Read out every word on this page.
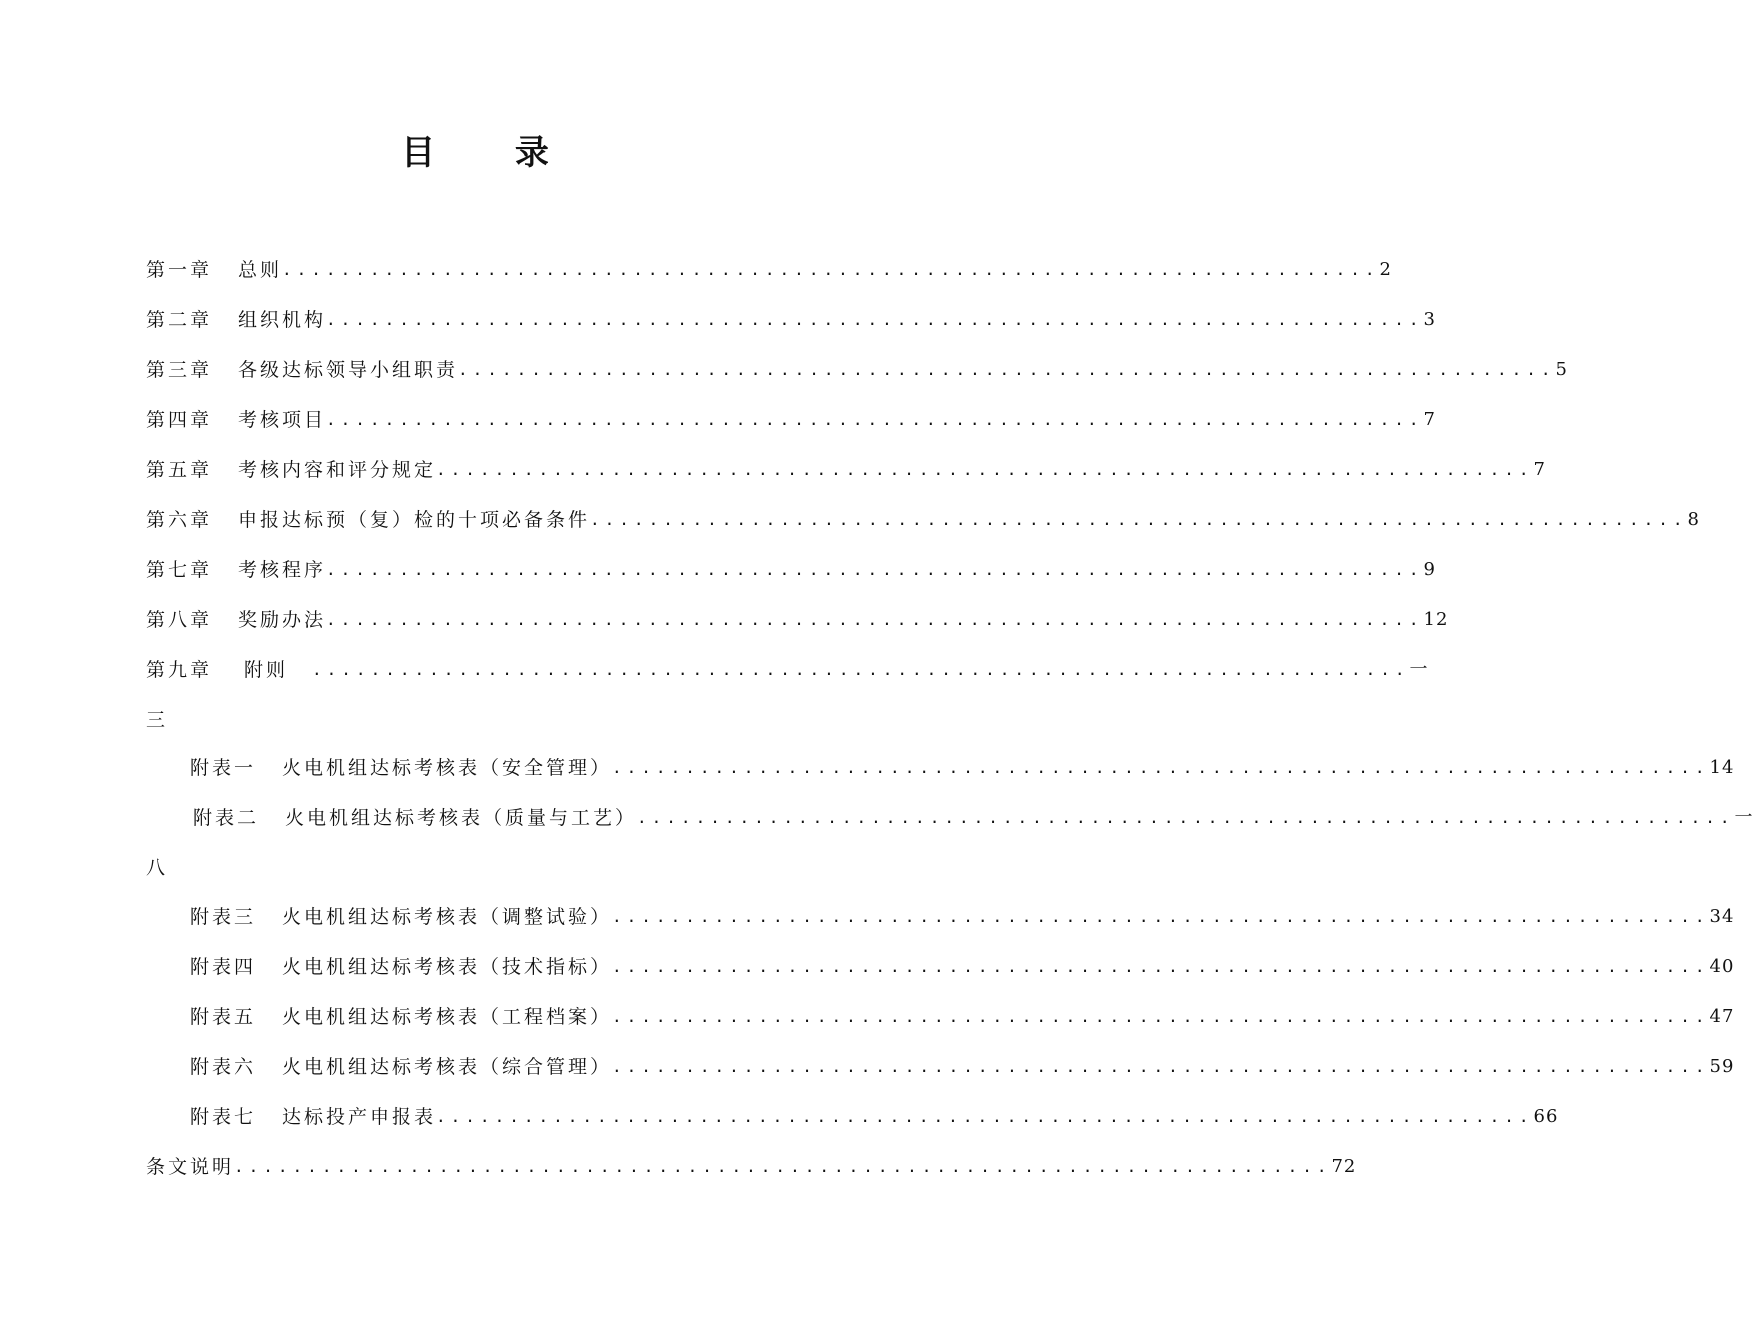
目 录
第一章 总则 ........................................................................... 2
第二章 组织机构 ........................................................................... 3
第三章 各级达标领导小组职责 ........................................................................... 5
第四章 考核项目 ........................................................................... 7
第五章 考核内容和评分规定 ........................................................................... 7
第六章 申报达标预（复）检的十项必备条件 ........................................................................... 8
第七章 考核程序 ........................................................................... 9
第八章 奖励办法 ........................................................................... 12
第九章 附则	........................................................................... 一
三
附表一 火电机组达标考核表（安全管理） ........................................................................... 14
附表二 火电机组达标考核表（质量与工艺） ........................................................................... 一
八
附表三 火电机组达标考核表（调整试验） ........................................................................... 34
附表四 火电机组达标考核表（技术指标） ........................................................................... 40
附表五 火电机组达标考核表（工程档案） ........................................................................... 47
附表六 火电机组达标考核表（综合管理） ........................................................................... 59
附表七 达标投产申报表 ........................................................................... 66
条文说明 ........................................................................... 72
